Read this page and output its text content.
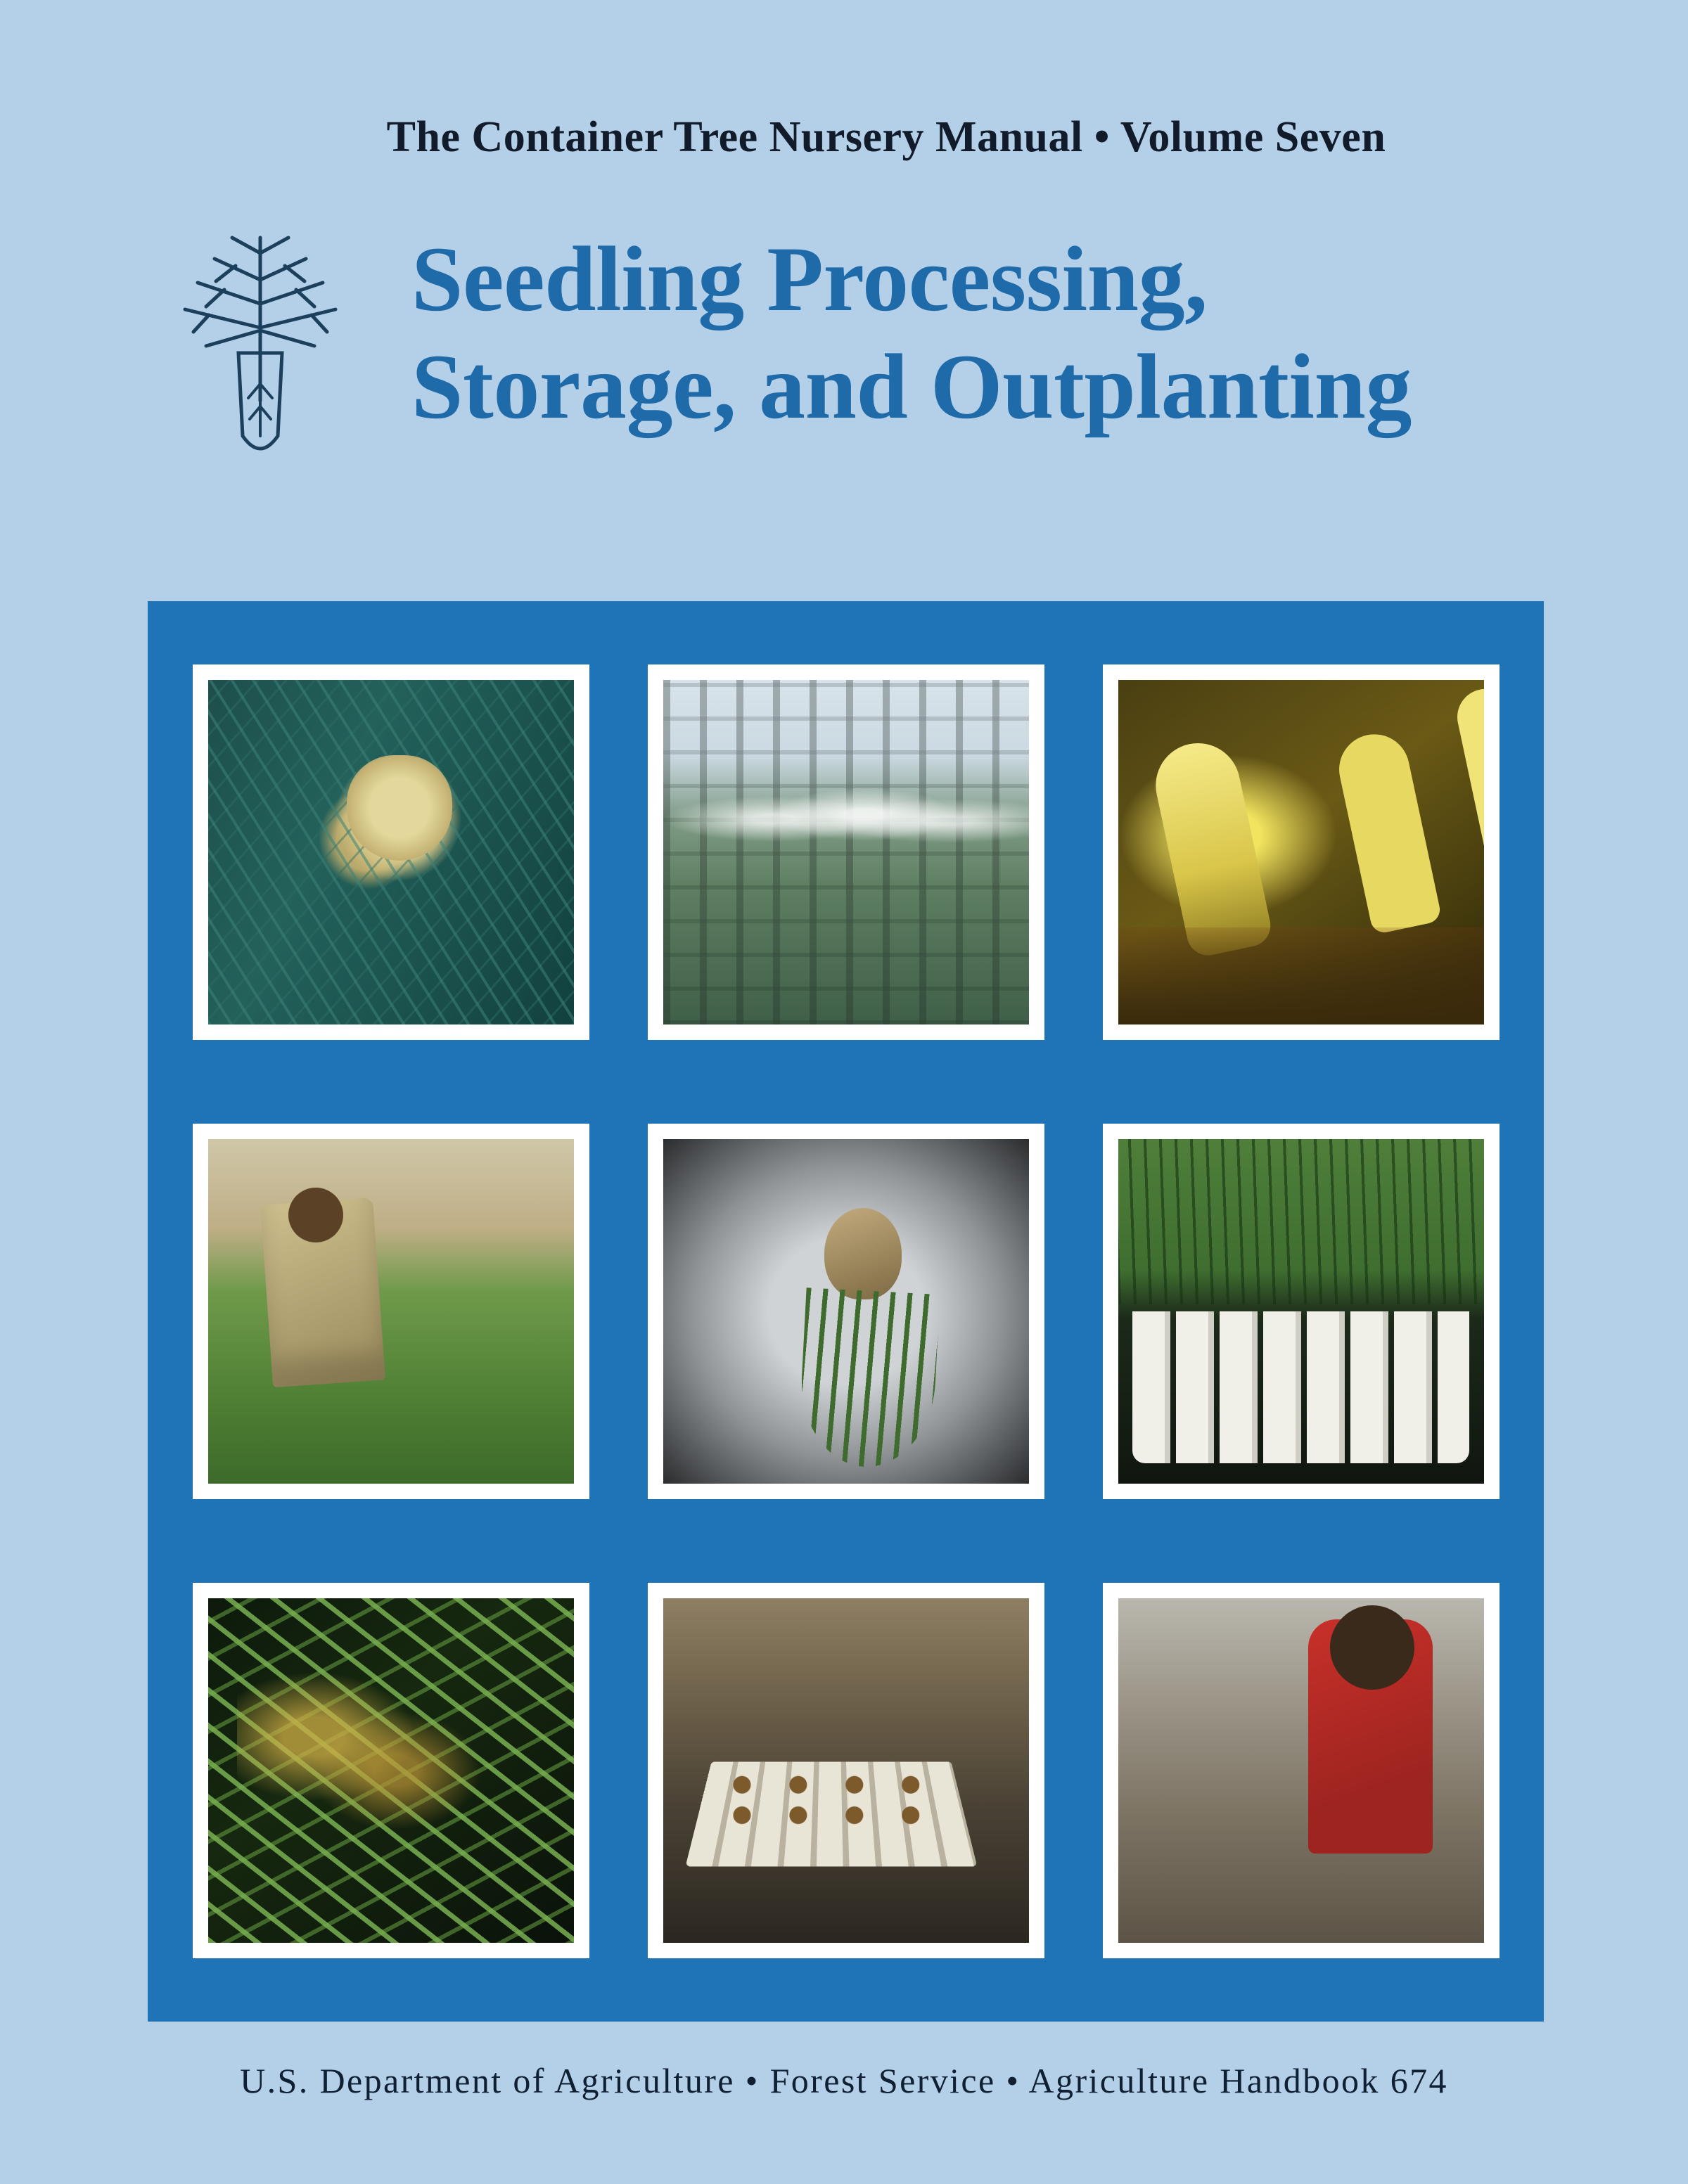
The Container Tree Nursery Manual • Volume Seven
Seedling Processing,
Storage, and Outplanting
U.S. Department of Agriculture • Forest Service • Agriculture Handbook 674
